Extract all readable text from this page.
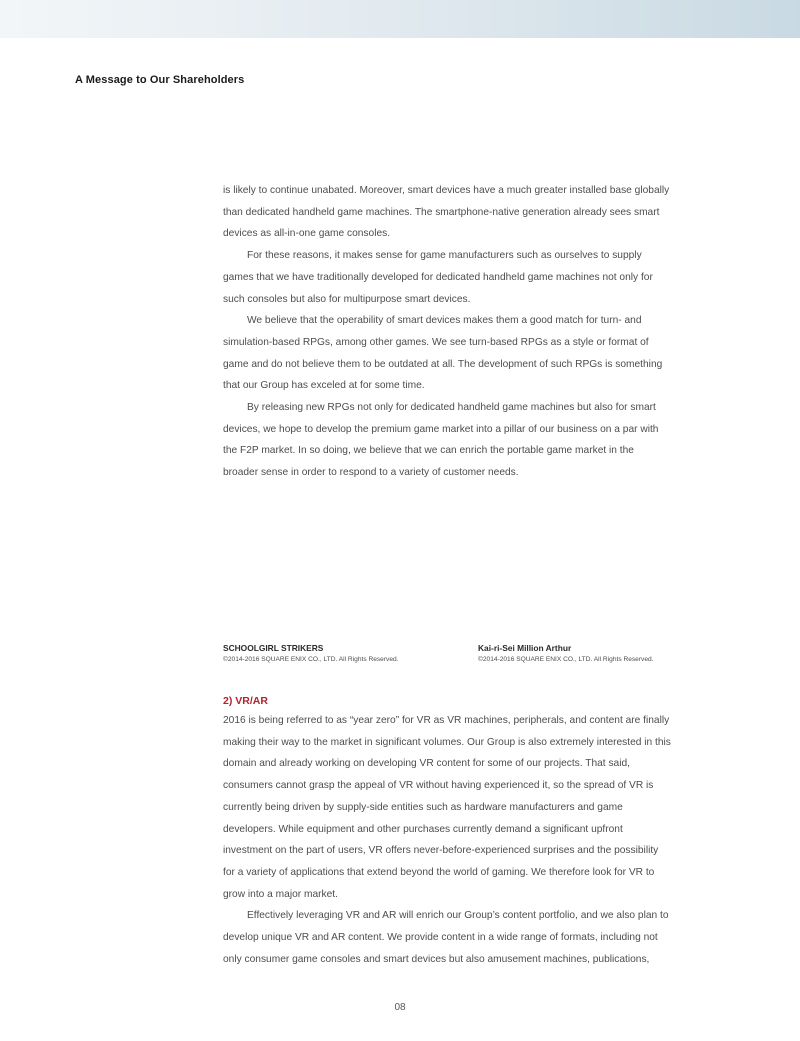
A Message to Our Shareholders

is likely to continue unabated. Moreover, smart devices have a much greater installed base globally

than dedicated handheld game machines. The smartphone-native generation already sees smart

devices as all-in-one game consoles.

For these reasons, it makes sense for game manufacturers such as ourselves to supply

games that we have traditionally developed for dedicated handheld game machines not only for

such consoles but also for multipurpose smart devices.

We believe that the operability of smart devices makes them a good match for turn- and

simulation-based RPGs, among other games. We see turn-based RPGs as a style or format of

game and do not believe them to be outdated at all. The development of such RPGs is something

that our Group has exceled at for some time.

By releasing new RPGs not only for dedicated handheld game machines but also for smart

devices, we hope to develop the premium game market into a pillar of our business on a par with

the F2P market. In so doing, we believe that we can enrich the portable game market in the

broader sense in order to respond to a variety of customer needs.

SCHOOLGIRL STRIKERS
©2014-2016 SQUARE ENIX CO., LTD. All Rights Reserved.
Kai-ri-Sei Million Arthur
©2014-2016 SQUARE ENIX CO., LTD. All Rights Reserved.
2) VR/AR

2016 is being referred to as “year zero” for VR as VR machines, peripherals, and content are finally

making their way to the market in significant volumes. Our Group is also extremely interested in this

domain and already working on developing VR content for some of our projects. That said,

consumers cannot grasp the appeal of VR without having experienced it, so the spread of VR is

currently being driven by supply-side entities such as hardware manufacturers and game

developers. While equipment and other purchases currently demand a significant upfront

investment on the part of users, VR offers never-before-experienced surprises and the possibility

for a variety of applications that extend beyond the world of gaming. We therefore look for VR to

grow into a major market.

Effectively leveraging VR and AR will enrich our Group’s content portfolio, and we also plan to

develop unique VR and AR content. We provide content in a wide range of formats, including not

only consumer game consoles and smart devices but also amusement machines, publications,

08
